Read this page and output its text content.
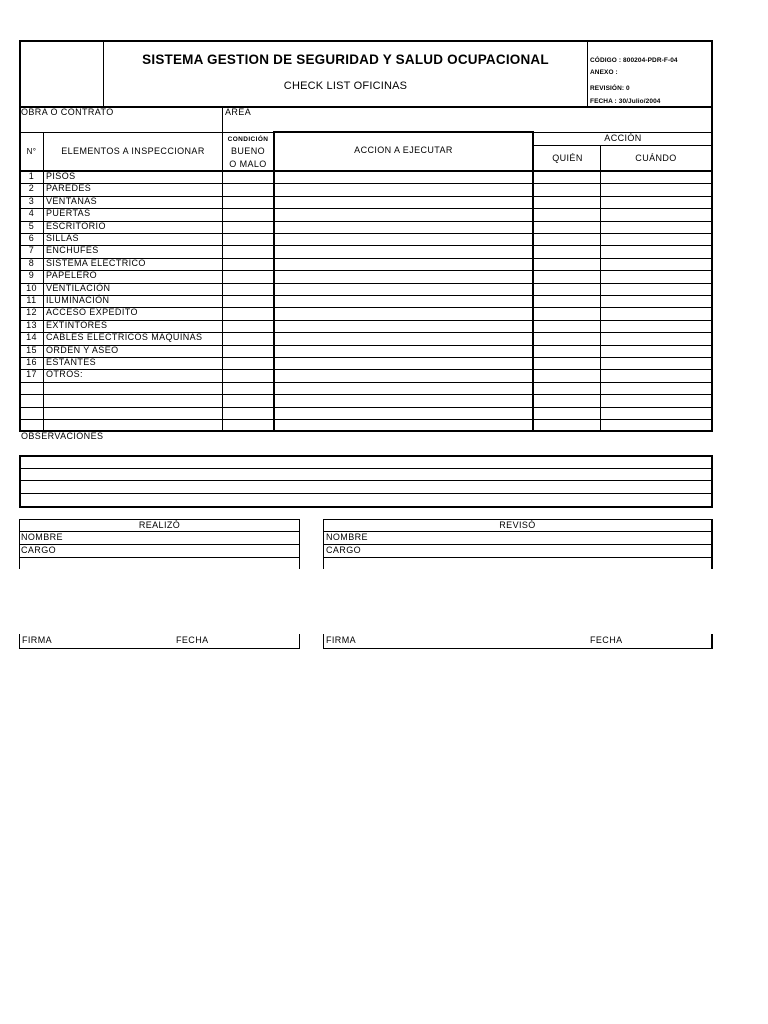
SISTEMA GESTION DE SEGURIDAD Y SALUD OCUPACIONAL
CHECK LIST OFICINAS
CÓDIGO : 800204-PDR-F-04
ANEXO :
REVISIÓN: 0
FECHA : 30/Julio/2004
OBRA O CONTRATO	ÁREA
N°	ELEMENTOS A INSPECCIONAR
CONDICIÓN
BUENO
O MALO
ACCION A EJECUTAR
ACCIÓN
QUIÉN	CUÁNDO
1	PISOS
2	PAREDES
3	VENTANAS
4	PUERTAS
5	ESCRITORIO
6	SILLAS
7	ENCHUFES
8	SISTEMA ELÉCTRICO
9	PAPELERO
10	VENTILACIÓN
11	ILUMINACIÓN
12	ACCESO EXPEDITO
13	EXTINTORES
14	CABLES ELÉCTRICOS MÁQUINAS
15	ORDEN Y ASEO
16	ESTANTES
17	OTROS:
OBSERVACIONES
REALIZÓ
NOMBRE
CARGO
FIRMA	FECHA
REVISÓ
NOMBRE
CARGO
FIRMA	FECHA
